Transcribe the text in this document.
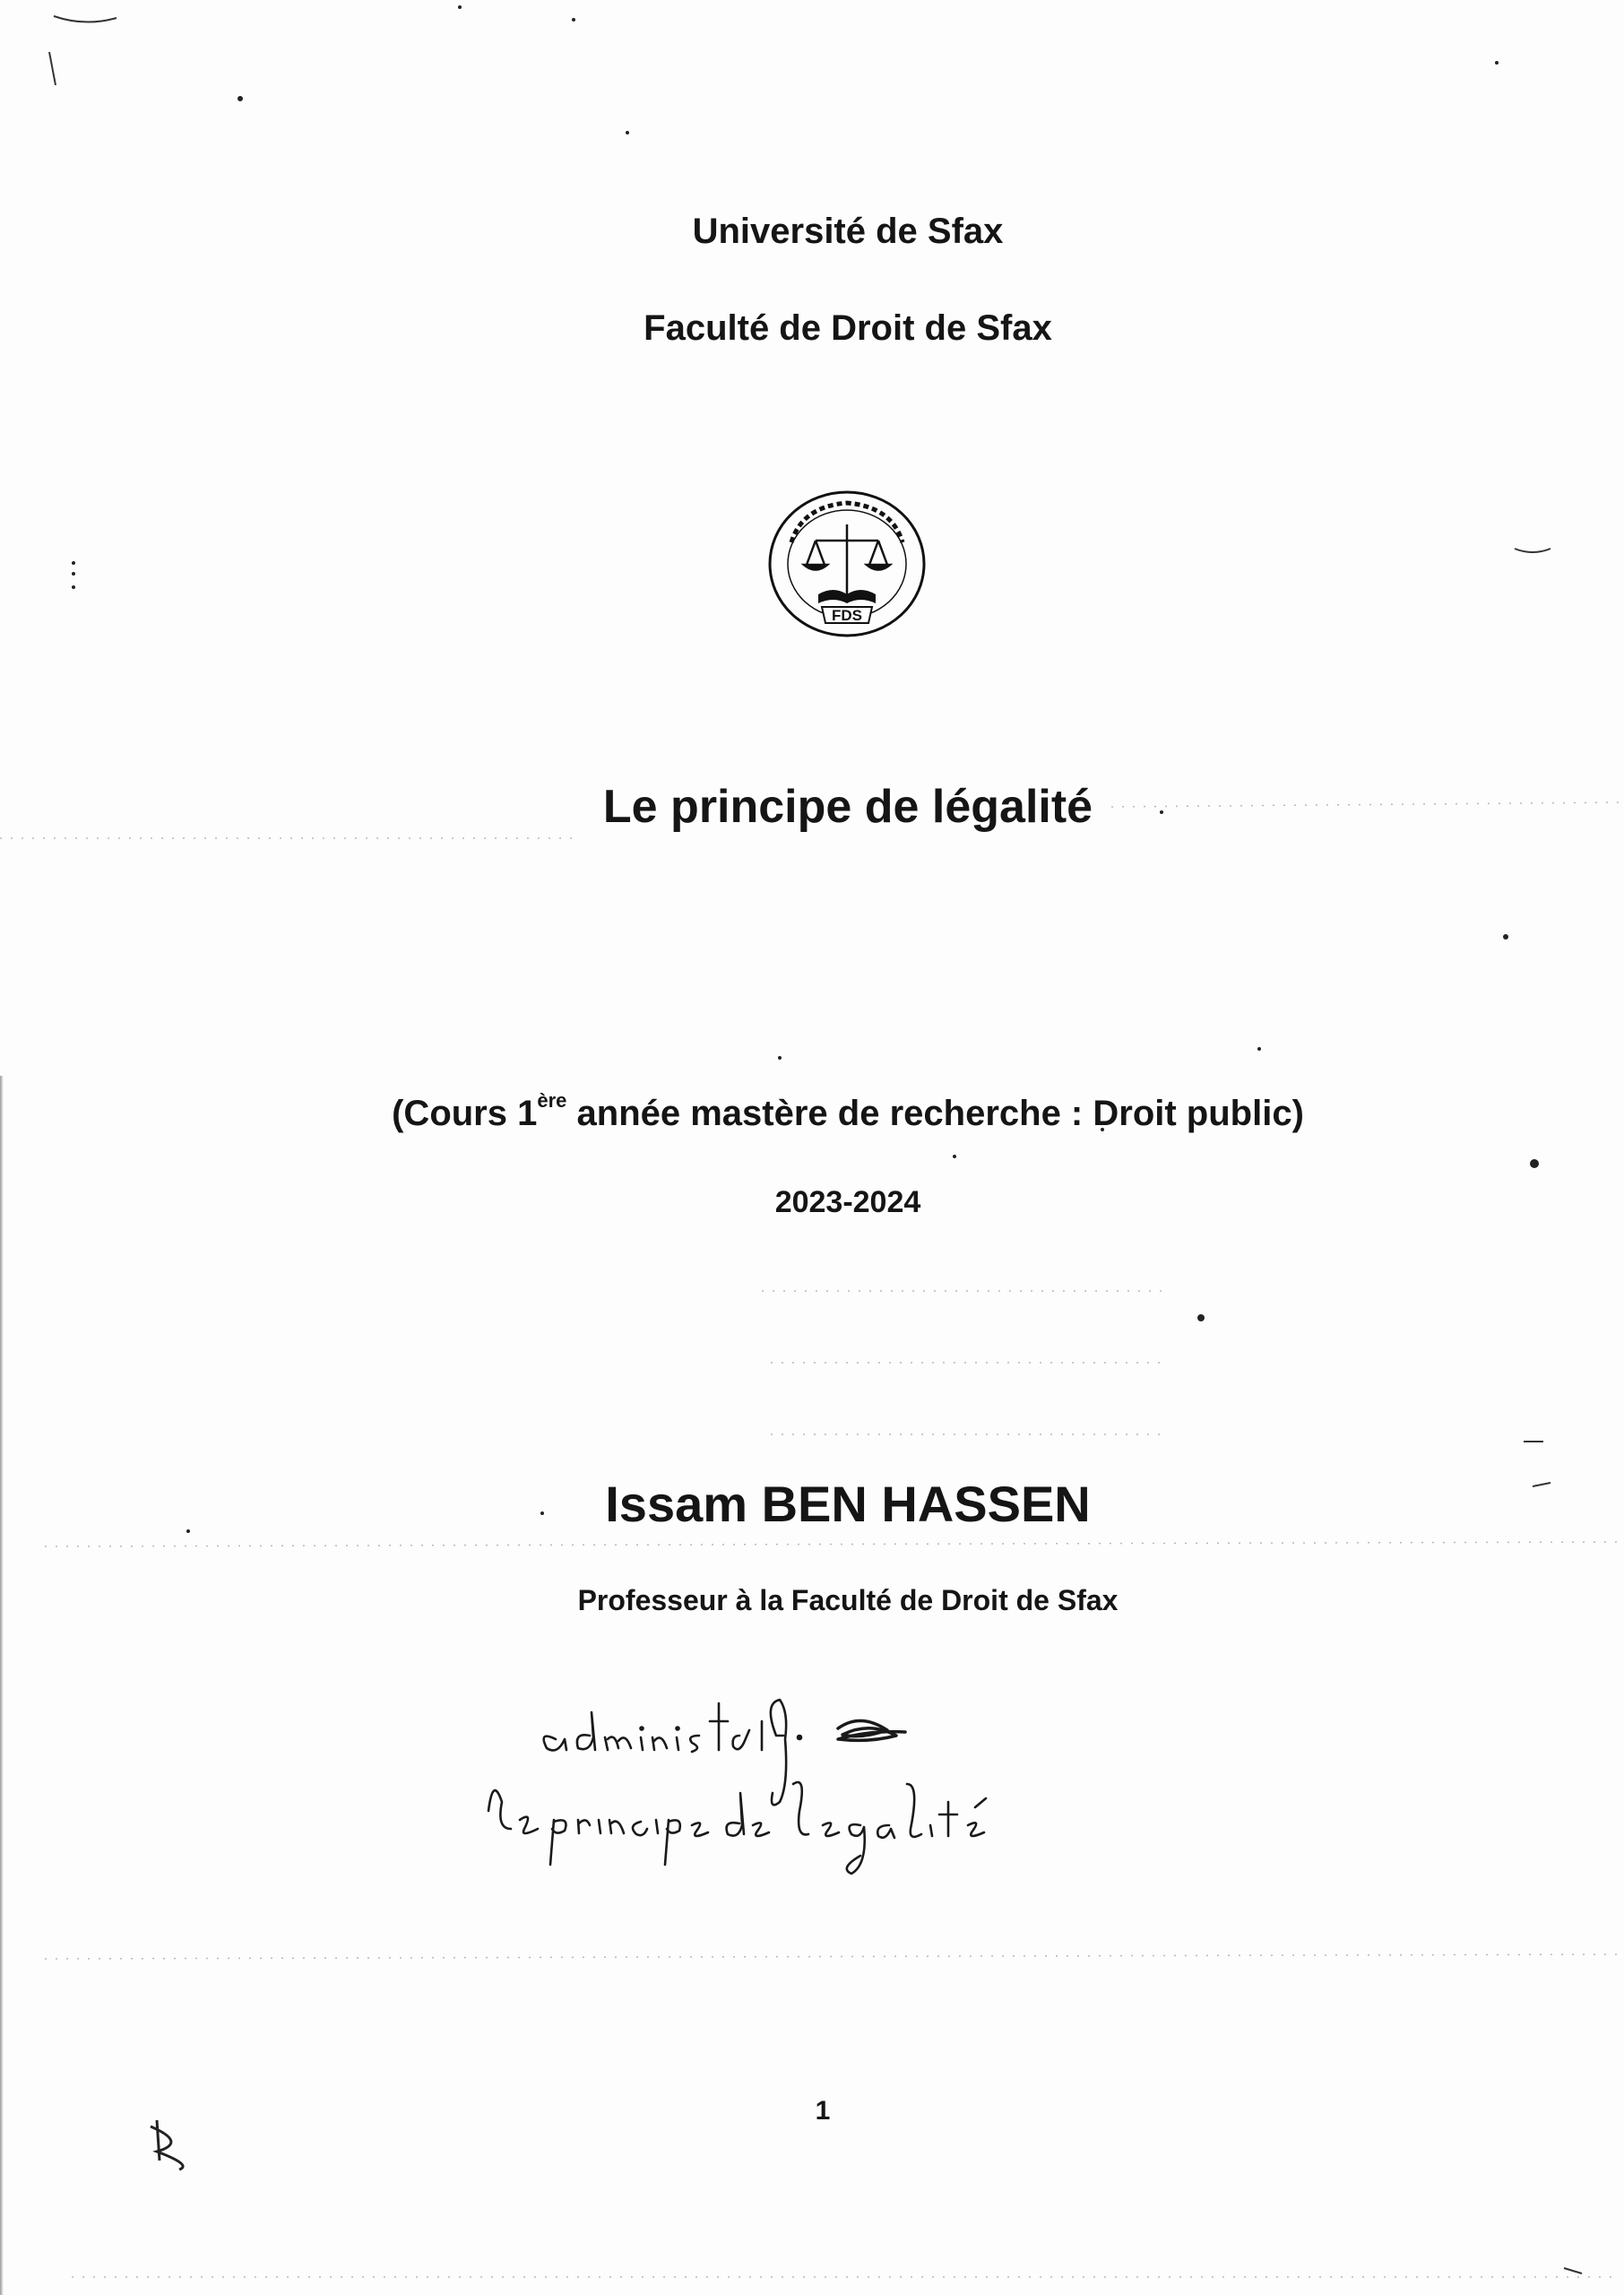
Université de Sfax
Faculté de Droit de Sfax
FDS
Le principe de légalité
(Cours 1ère année mastère de recherche : Droit public)
2023-2024
Issam BEN HASSEN
Professeur à la Faculté de Droit de Sfax
1
